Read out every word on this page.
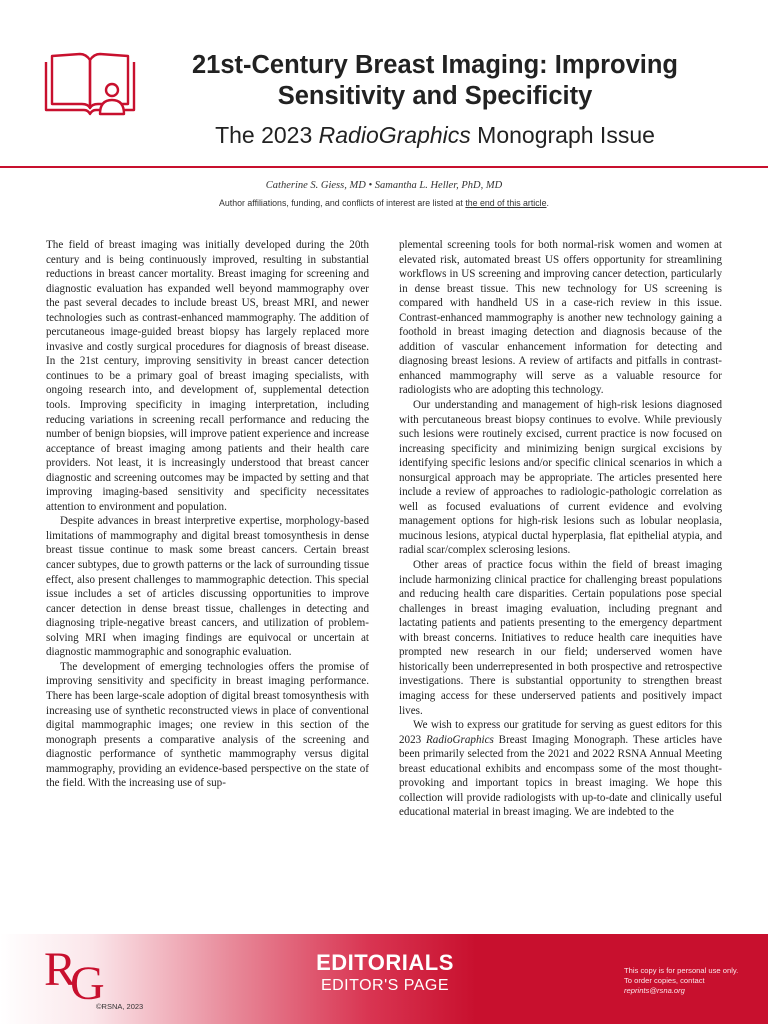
21st-Century Breast Imaging: Improving Sensitivity and Specificity
The 2023 RadioGraphics Monograph Issue
Catherine S. Giess, MD • Samantha L. Heller, PhD, MD
Author affiliations, funding, and conflicts of interest are listed at the end of this article.

The field of breast imaging was initially developed during the 20th century and is being continuously improved, resulting in substantial reductions in breast cancer mortality. Breast imaging for screening and diagnostic evaluation has expanded well beyond mammography over the past several decades to include breast US, breast MRI, and newer technologies such as contrast-enhanced mammography. The addition of percutaneous image-guided breast biopsy has largely replaced more invasive and costly surgical procedures for diagnosis of breast disease. In the 21st century, improving sensitivity in breast cancer detection continues to be a primary goal of breast imaging specialists, with ongoing research into, and development of, supplemental detection tools. Improving specificity in imaging interpretation, including reducing variations in screening recall performance and reducing the number of benign biopsies, will improve patient experience and increase acceptance of breast imaging among patients and their health care providers. Not least, it is increasingly understood that breast cancer diagnostic and screening outcomes may be impacted by setting and that improving imaging-based sensitivity and specificity necessitates attention to environment and population.

Despite advances in breast interpretive expertise, morphology-based limitations of mammography and digital breast tomosynthesis in dense breast tissue continue to mask some breast cancers. Certain breast cancer subtypes, due to growth patterns or the lack of surrounding tissue effect, also present challenges to mammographic detection. This special issue includes a set of articles discussing opportunities to improve cancer detection in dense breast tissue, challenges in detecting and diagnosing triple-negative breast cancers, and utilization of problem-solving MRI when imaging findings are equivocal or uncertain at diagnostic mammographic and sonographic evaluation.

The development of emerging technologies offers the promise of improving sensitivity and specificity in breast imaging performance. There has been large-scale adoption of digital breast tomosynthesis with increasing use of synthetic reconstructed views in place of conventional digital mammographic images; one review in this section of the monograph presents a comparative analysis of the screening and diagnostic performance of synthetic mammography versus digital mammography, providing an evidence-based perspective on the state of the field. With the increasing use of sup-

plemental screening tools for both normal-risk women and women at elevated risk, automated breast US offers opportunity for streamlining workflows in US screening and improving cancer detection, particularly in dense breast tissue. This new technology for US screening is compared with handheld US in a case-rich review in this issue. Contrast-enhanced mammography is another new technology gaining a foothold in breast imaging detection and diagnosis because of the addition of vascular enhancement information for detecting and diagnosing breast lesions. A review of artifacts and pitfalls in contrast-enhanced mammography will serve as a valuable resource for radiologists who are adopting this technology.

Our understanding and management of high-risk lesions diagnosed with percutaneous breast biopsy continues to evolve. While previously such lesions were routinely excised, current practice is now focused on increasing specificity and minimizing benign surgical excisions by identifying specific lesions and/or specific clinical scenarios in which a nonsurgical approach may be appropriate. The articles presented here include a review of approaches to radiologic-pathologic correlation as well as focused evaluations of current evidence and evolving management options for high-risk lesions such as lobular neoplasia, mucinous lesions, atypical ductal hyperplasia, flat epithelial atypia, and radial scar/complex sclerosing lesions.

Other areas of practice focus within the field of breast imaging include harmonizing clinical practice for challenging breast populations and reducing health care disparities. Certain populations pose special challenges in breast imaging evaluation, including pregnant and lactating patients and patients presenting to the emergency department with breast concerns. Initiatives to reduce health care inequities have prompted new research in our field; underserved women have historically been underrepresented in both prospective and retrospective investigations. There is substantial opportunity to strengthen breast imaging access for these underserved patients and positively impact lives.

We wish to express our gratitude for serving as guest editors for this 2023 RadioGraphics Breast Imaging Monograph. These articles have been primarily selected from the 2021 and 2022 RSNA Annual Meeting breast educational exhibits and encompass some of the most thought-provoking and important topics in breast imaging. We hope this collection will provide radiologists with up-to-date and clinically useful educational material in breast imaging. We are indebted to the

RG
©RSNA, 2023
EDITORIALS
EDITOR'S PAGE
This copy is for personal use only. To order copies, contact reprints@rsna.org
